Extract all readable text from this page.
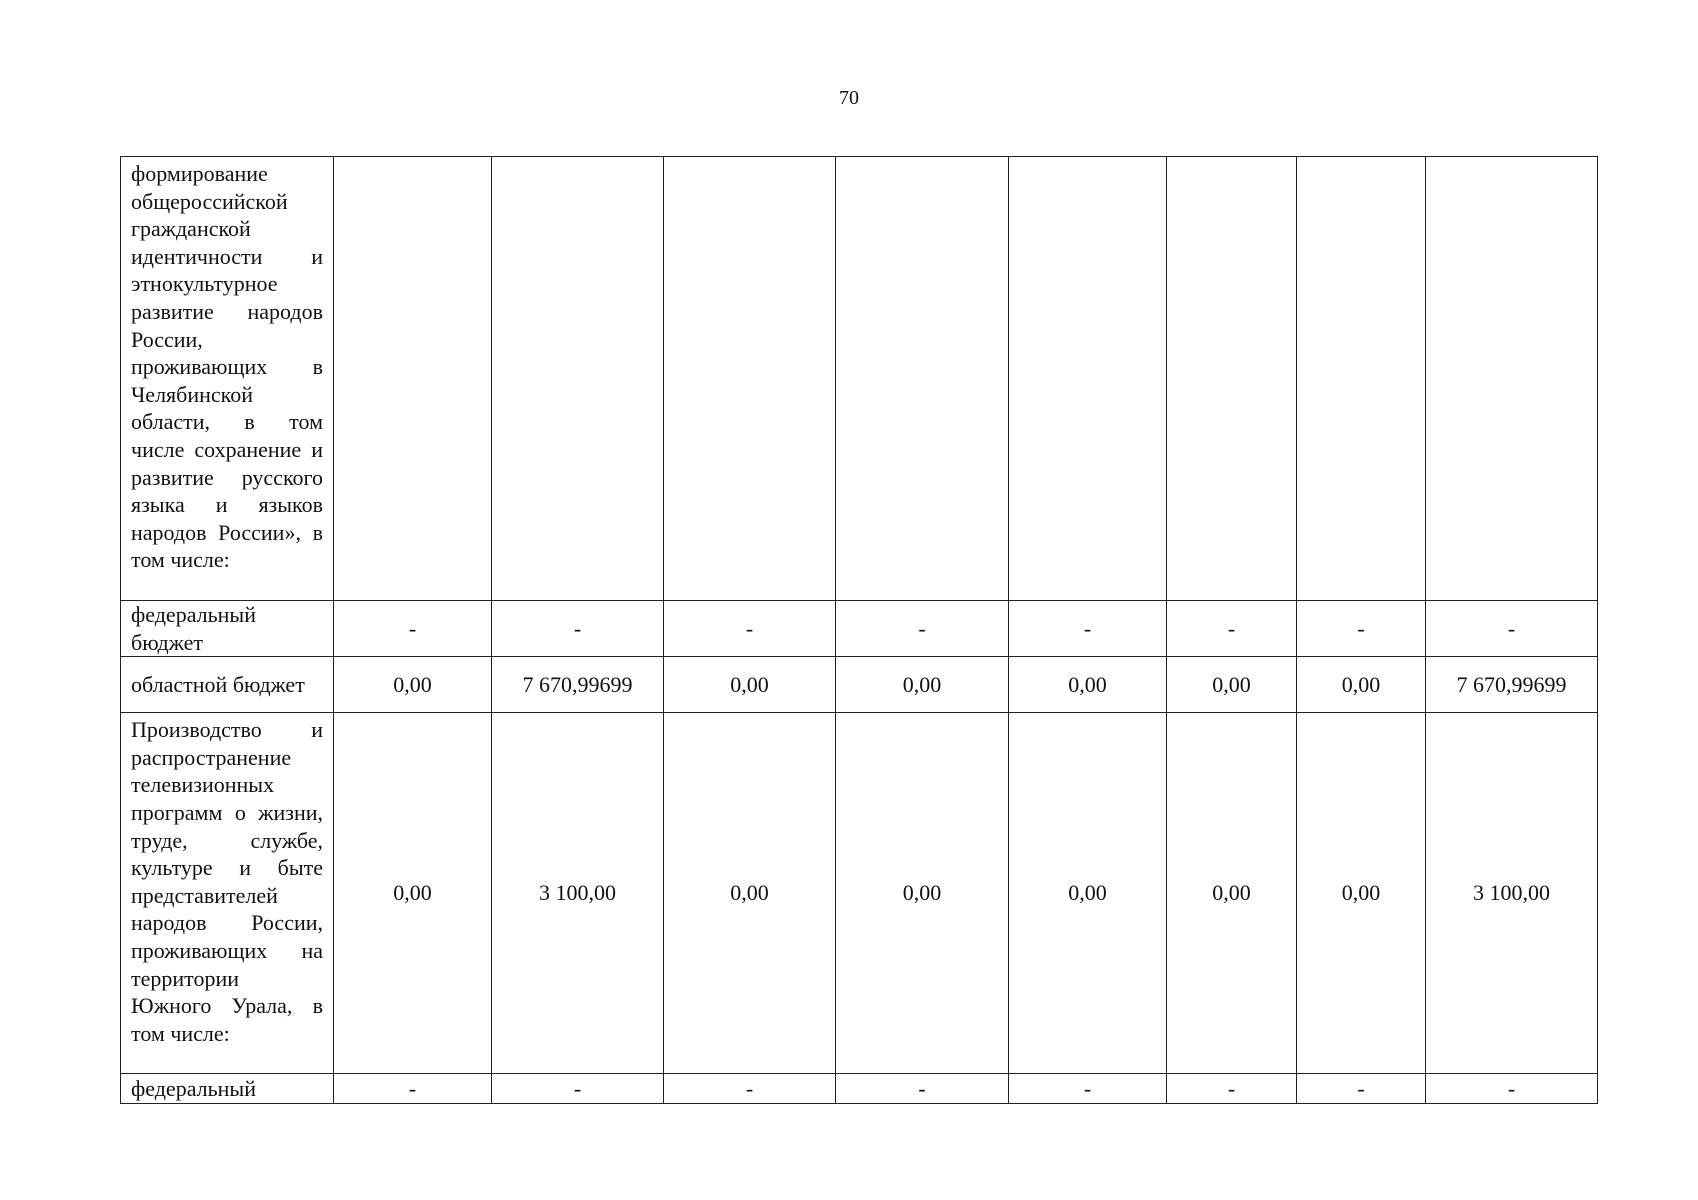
70
формирование общероссийской гражданской идентичности и этнокультурное развитие народов России, проживающих в Челябинской области, в том числе сохранение и развитие русского языка и языков народов России», в том числе:								
федеральный бюджет	-	-	-	-	-	-	-	-
областной бюджет	0,00	7 670,99699	0,00	0,00	0,00	0,00	0,00	7 670,99699
Производство и распространение телевизионных программ о жизни, труде, службе, культуре и быте представителей народов России, проживающих на территории Южного Урала, в том числе:	0,00	3 100,00	0,00	0,00	0,00	0,00	0,00	3 100,00
федеральный	-	-	-	-	-	-	-	-
